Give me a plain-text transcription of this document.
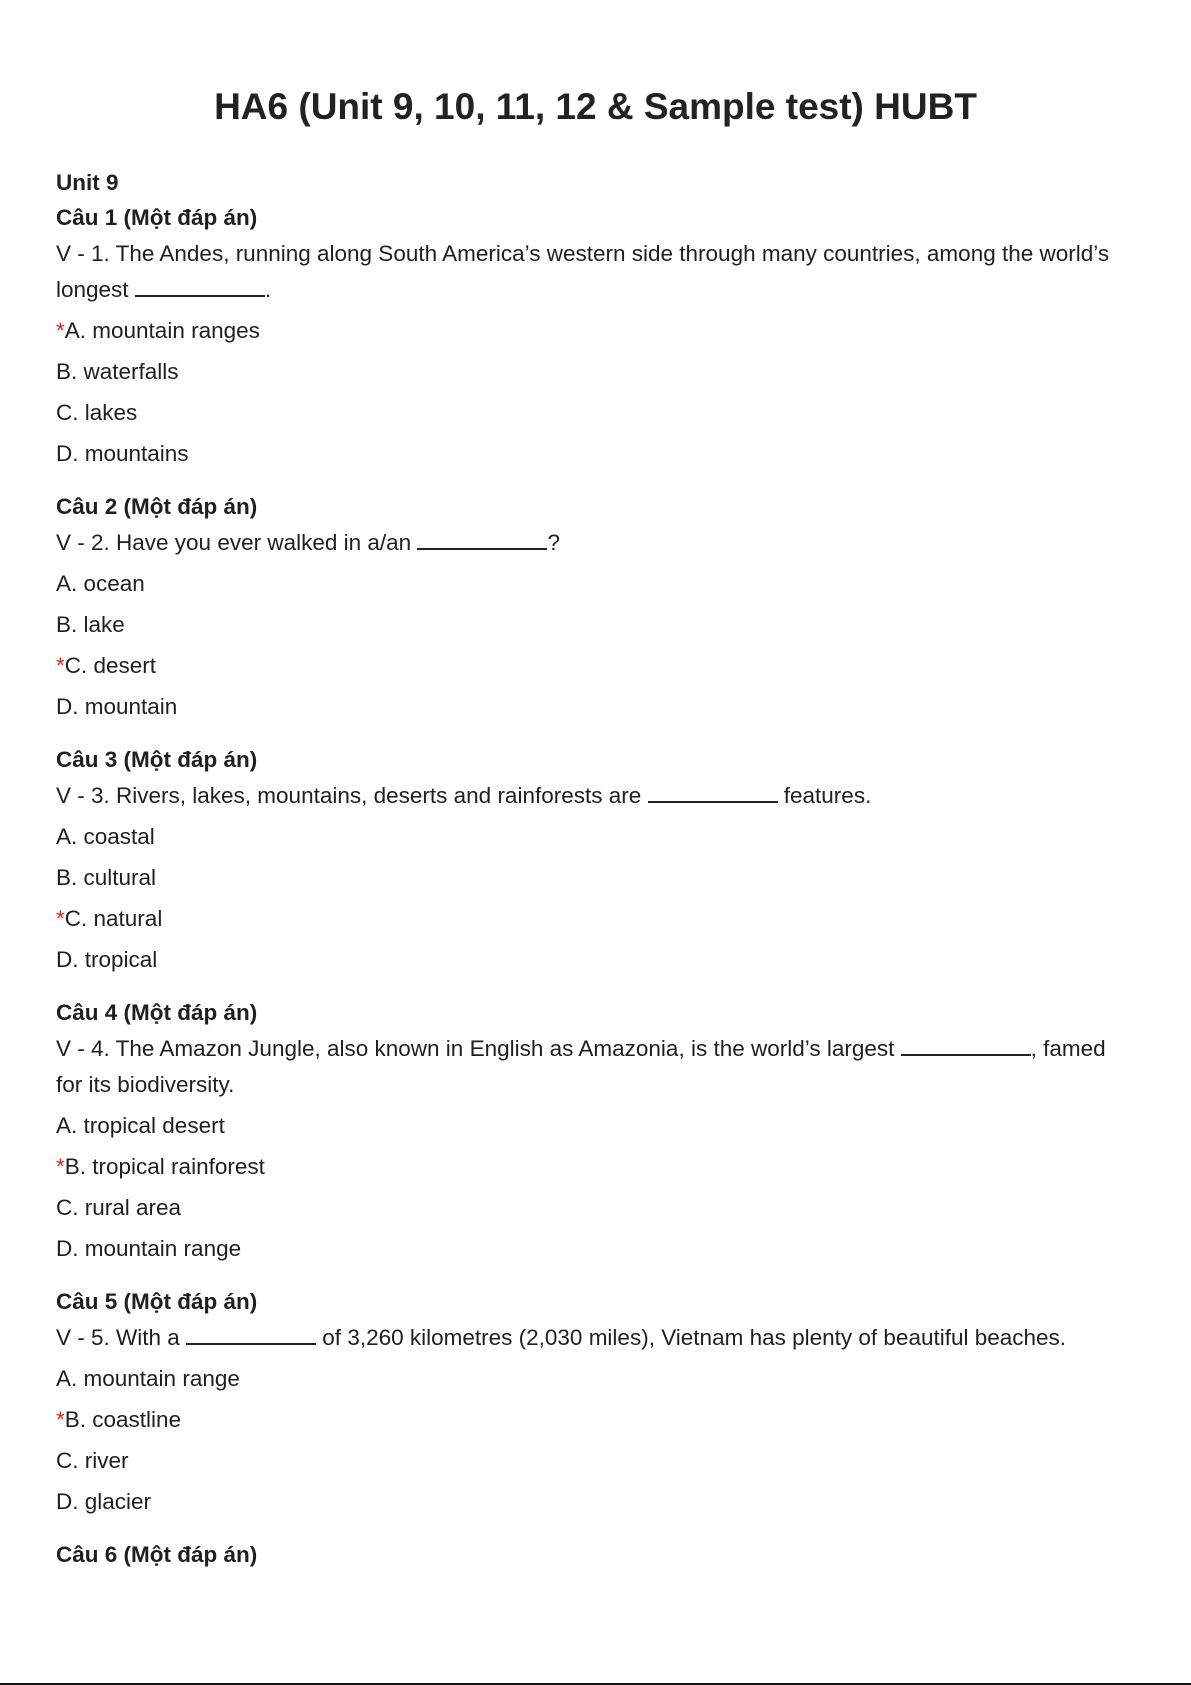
HA6 (Unit 9, 10, 11, 12 & Sample test) HUBT
Unit 9
Câu 1 (Một đáp án)
V - 1. The Andes, running along South America’s western side through many countries, among the world’s longest	.
*A. mountain ranges
B. waterfalls
C. lakes
D. mountains
Câu 2 (Một đáp án)
V - 2. Have you ever walked in a/an	?
A. ocean
B. lake
*C. desert
D. mountain
Câu 3 (Một đáp án)
V - 3. Rivers, lakes, mountains, deserts and rainforests are	features.
A. coastal
B. cultural
*C. natural
D. tropical
Câu 4 (Một đáp án)
V - 4. The Amazon Jungle, also known in English as Amazonia, is the world’s largest	, famed for its biodiversity.
A. tropical desert
*B. tropical rainforest
C. rural area
D. mountain range
Câu 5 (Một đáp án)
V - 5. With a	of 3,260 kilometres (2,030 miles), Vietnam has plenty of beautiful beaches.
A. mountain range
*B. coastline
C. river
D. glacier
Câu 6 (Một đáp án)
